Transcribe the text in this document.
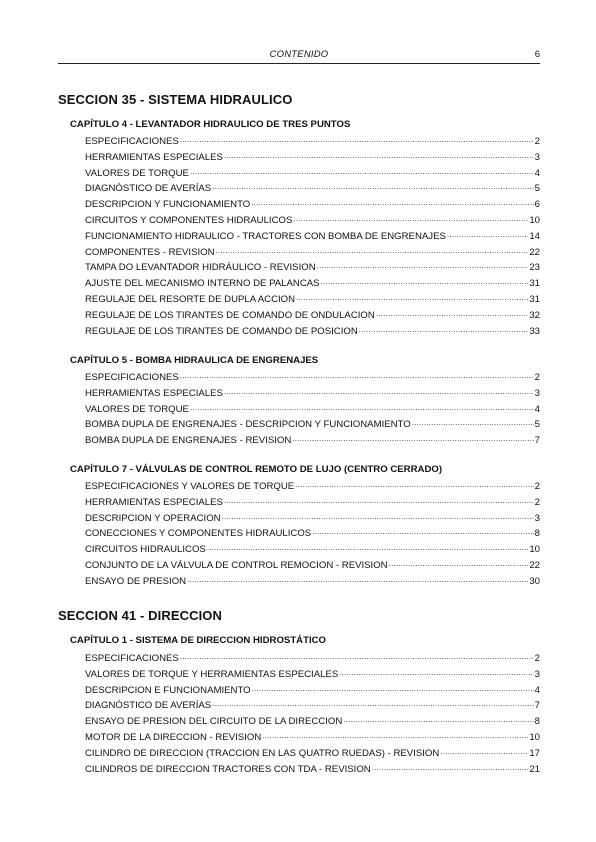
CONTENIDO	6
SECCION 35 - SISTEMA HIDRAULICO
CAPÍTULO 4 - LEVANTADOR HIDRAULICO DE TRES PUNTOS
ESPECIFICACIONES .....	2
HERRAMIENTAS ESPECIALES .....	3
VALORES DE TORQUE .....	4
DIAGNÓSTICO DE AVERÍAS .....	5
DESCRIPCION Y FUNCIONAMIENTO .....	6
CIRCUITOS Y COMPONENTES HIDRAULICOS .....	10
FUNCIONAMIENTO HIDRAULICO - TRACTORES CON BOMBA DE ENGRENAJES .....	14
COMPONENTES - REVISION .....	22
TAMPA DO LEVANTADOR HIDRÁULICO - REVISION .....	23
AJUSTE DEL MECANISMO INTERNO DE PALANCAS .....	31
REGULAJE DEL RESORTE DE DUPLA ACCION .....	31
REGULAJE DE LOS TIRANTES DE COMANDO DE ONDULACION .....	32
REGULAJE DE LOS TIRANTES DE COMANDO DE POSICION .....	33
CAPÍTULO 5 - BOMBA HIDRAULICA DE ENGRENAJES
ESPECIFICACIONES .....	2
HERRAMIENTAS ESPECIALES .....	3
VALORES DE TORQUE .....	4
BOMBA DUPLA DE ENGRENAJES - DESCRIPCION Y FUNCIONAMIENTO .....	5
BOMBA DUPLA DE ENGRENAJES - REVISION .....	7
CAPÍTULO 7 - VÁLVULAS DE CONTROL REMOTO DE LUJO (CENTRO CERRADO)
ESPECIFICACIONES Y VALORES DE TORQUE .....	2
HERRAMIENTAS ESPECIALES .....	2
DESCRIPCION Y OPERACION .....	3
CONECCIONES Y COMPONENTES HIDRAULICOS .....	8
CIRCUITOS HIDRAULICOS .....	10
CONJUNTO DE LA VÁLVULA DE CONTROL REMOCION - REVISION .....	22
ENSAYO DE PRESION .....	30
SECCION 41 - DIRECCION
CAPÍTULO 1 - SISTEMA DE DIRECCION HIDROSTÁTICO
ESPECIFICACIONES .....	2
VALORES DE TORQUE Y HERRAMIENTAS ESPECIALES .....	3
DESCRIPCION E FUNCIONAMIENTO .....	4
DIAGNÓSTICO DE AVERÍAS .....	7
ENSAYO DE PRESION DEL CIRCUITO DE LA DIRECCION .....	8
MOTOR DE LA DIRECCION - REVISION .....	10
CILINDRO DE DIRECCION (TRACCION EN LAS QUATRO RUEDAS) - REVISION .....	17
CILINDROS DE DIRECCION TRACTORES CON TDA - REVISION .....	21
